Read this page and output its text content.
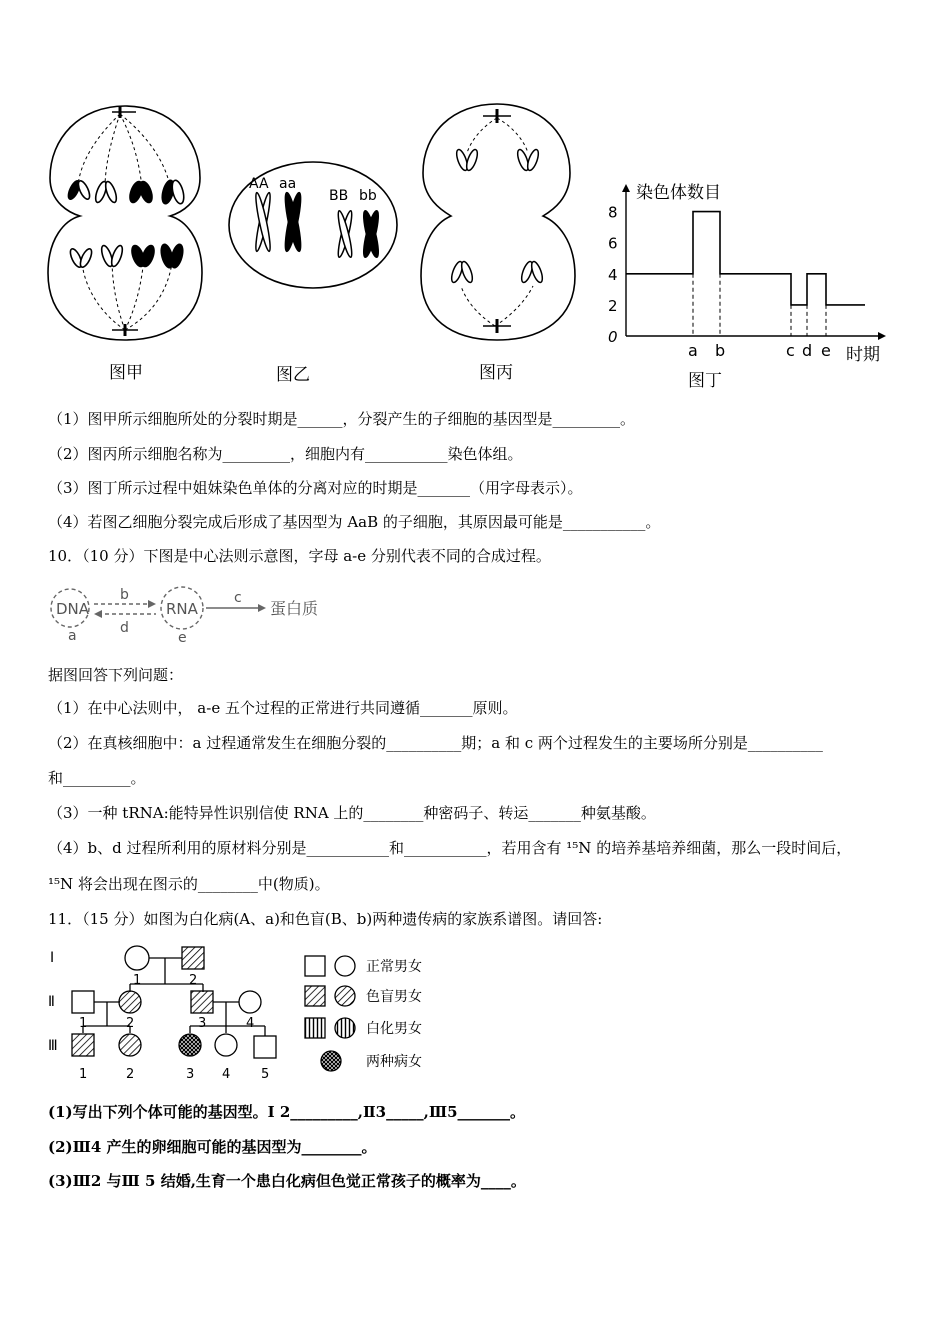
图甲
AA aa
BB bb
图乙	图丙
染色体数目
0
2
4
6
8
a b	c d e 时期
图丁
（1）图甲所示细胞所处的分裂时期是______，分裂产生的子细胞的基因型是_________。
（2）图丙所示细胞名称为_________，细胞内有___________染色体组。
（3）图丁所示过程中姐妹染色单体的分离对应的时期是_______（用字母表示）。
（4）若图乙细胞分裂完成后形成了基因型为 AaB 的子细胞，其原因最可能是___________。
10．（10 分）下图是中心法则示意图，字母 a-e 分别代表不同的合成过程。
DNA
a
b
d
RNA
e
c
蛋白质
据图回答下列问题：
（1）在中心法则中， a-e 五个过程的正常进行共同遵循_______原则。
（2）在真核细胞中：a 过程通常发生在细胞分裂的__________期；a 和 c 两个过程发生的主要场所分别是__________
和_________。
（3）一种 tRNA:能特异性识别信使 RNA 上的________种密码子、转运_______种氨基酸。
（4）b、d 过程所利用的原材料分别是___________和___________，若用含有 ¹⁵N 的培养基培养细菌，那么一段时间后，
¹⁵N 将会出现在图示的________中(物质)。
11．（15 分）如图为白化病(A、a)和色盲(B、b)两种遗传病的家族系谱图。请回答:
Ⅰ
Ⅱ
Ⅲ
1	2
1	2	3	4
1	2	3 4 5
正常男女
色盲男女
白化男女
两种病女
(1)写出下列个体可能的基因型。Ⅰ 2_________,Ⅱ3_____,Ⅲ5_______。
(2)Ⅲ4 产生的卵细胞可能的基因型为________。
(3)Ⅲ2 与Ⅲ 5 结婚,生育一个患白化病但色觉正常孩子的概率为____。
